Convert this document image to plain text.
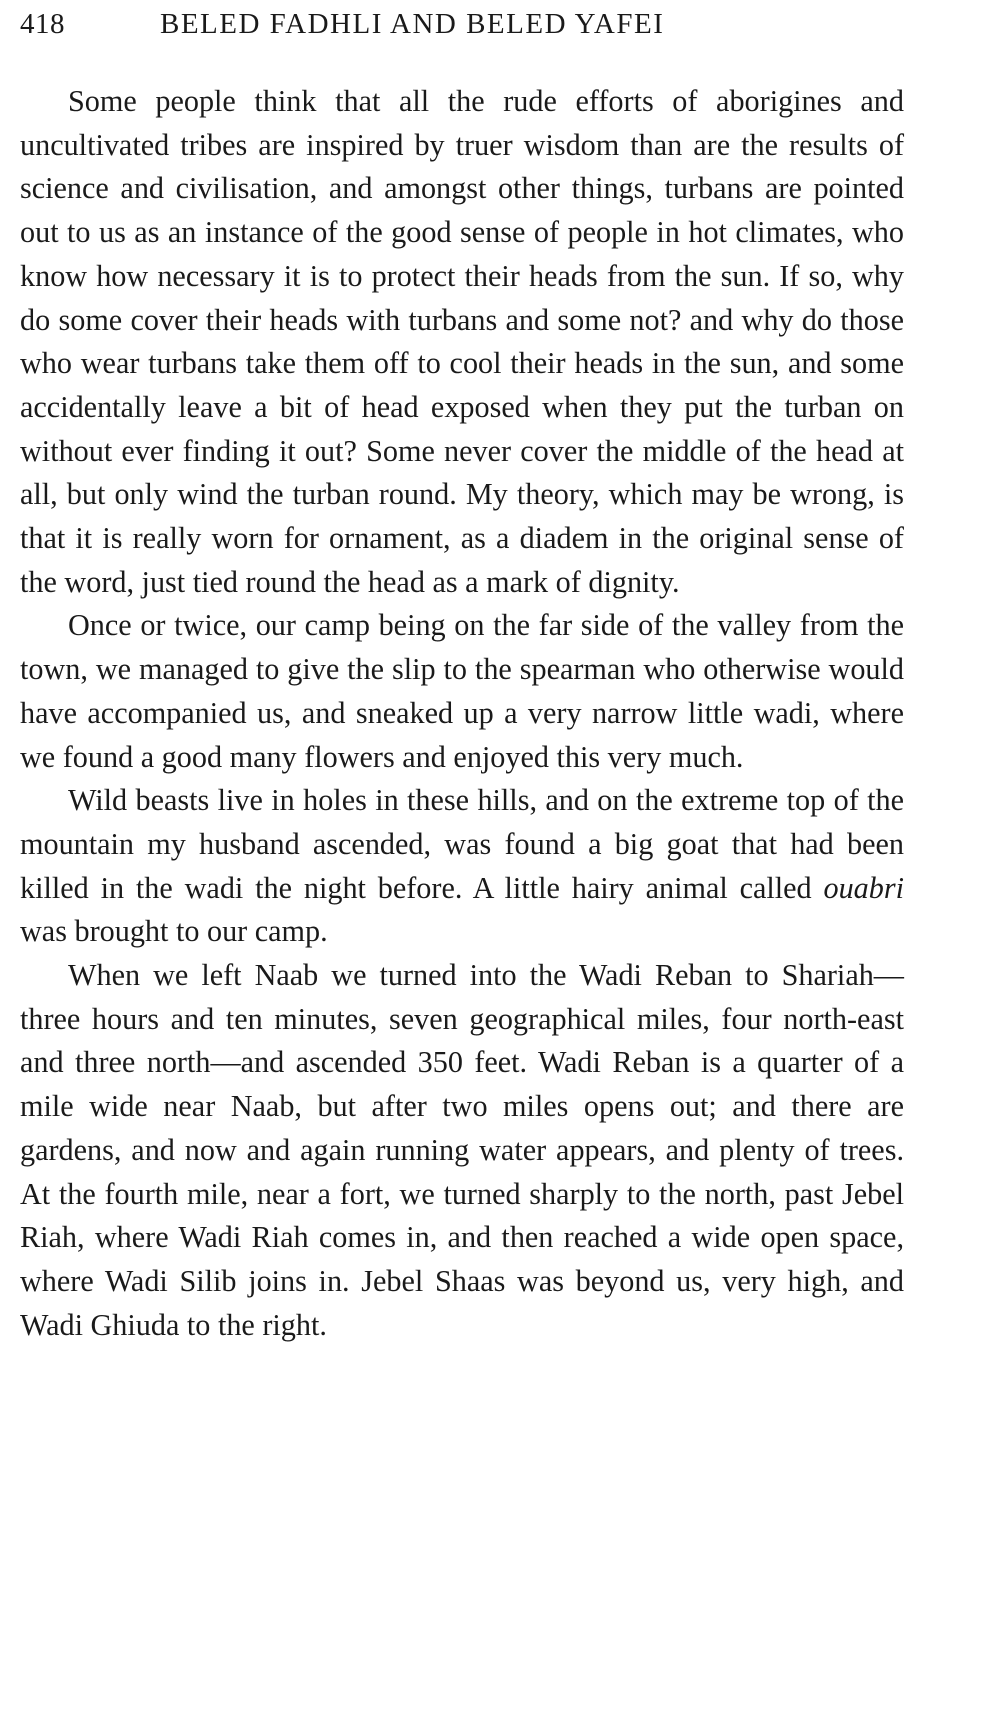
418	BELED FADHLI AND BELED YAFEI

Some people think that all the rude efforts of aborigines and uncultivated tribes are inspired by truer wisdom than are the results of science and civilisation, and amongst other things, turbans are pointed out to us as an instance of the good sense of people in hot climates, who know how necessary it is to protect their heads from the sun. If so, why do some cover their heads with turbans and some not? and why do those who wear turbans take them off to cool their heads in the sun, and some accidentally leave a bit of head exposed when they put the turban on without ever finding it out? Some never cover the middle of the head at all, but only wind the turban round. My theory, which may be wrong, is that it is really worn for ornament, as a diadem in the original sense of the word, just tied round the head as a mark of dignity.

Once or twice, our camp being on the far side of the valley from the town, we managed to give the slip to the spearman who otherwise would have accompanied us, and sneaked up a very narrow little wadi, where we found a good many flowers and enjoyed this very much.

Wild beasts live in holes in these hills, and on the extreme top of the mountain my husband ascended, was found a big goat that had been killed in the wadi the night before. A little hairy animal called ouabri was brought to our camp.

When we left Naab we turned into the Wadi Reban to Shariah—three hours and ten minutes, seven geographical miles, four north-east and three north—and ascended 350 feet. Wadi Reban is a quarter of a mile wide near Naab, but after two miles opens out; and there are gardens, and now and again running water appears, and plenty of trees. At the fourth mile, near a fort, we turned sharply to the north, past Jebel Riah, where Wadi Riah comes in, and then reached a wide open space, where Wadi Silib joins in. Jebel Shaas was beyond us, very high, and Wadi Ghiuda to the right.
